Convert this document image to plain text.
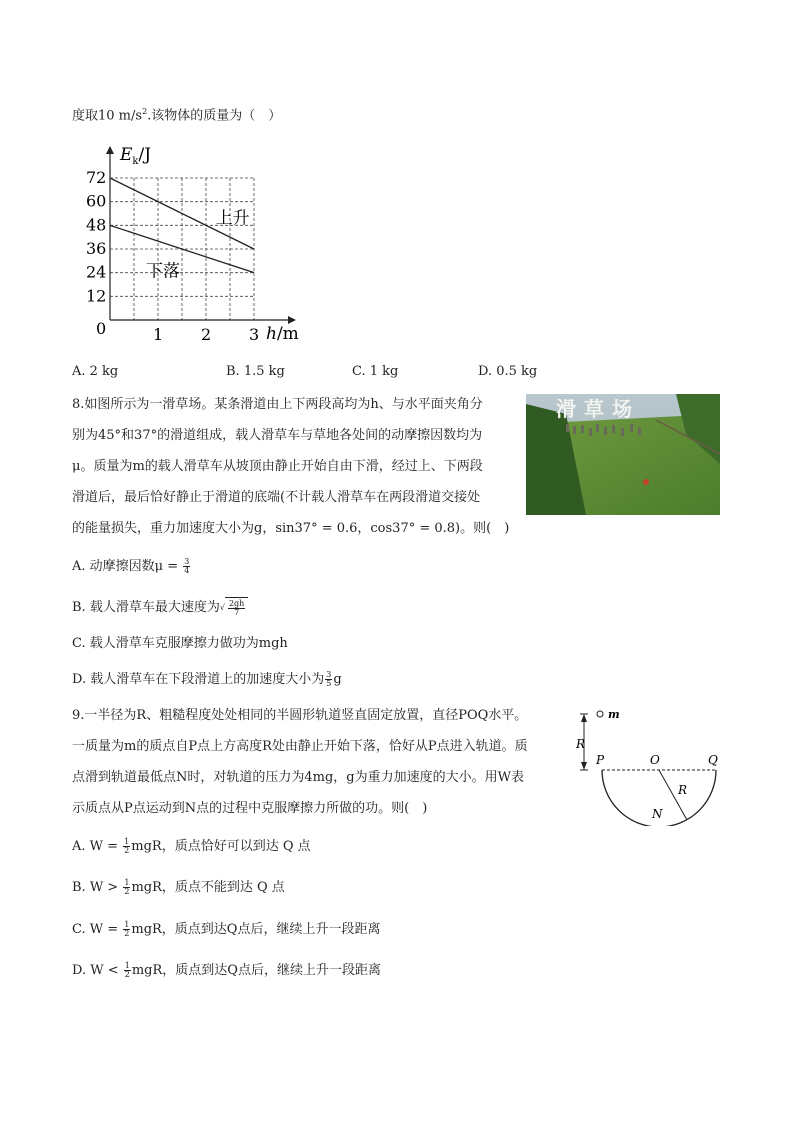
度取10 $m/s^2$.该物体的质量为（　）
1 2 3
12
24
36
48
60
72
$E_k/J$
h/m
0
上升
下落
A. 2 kg	B. 1.5 kg	C. 1 kg	D. 0.5 kg
8.如图所示为一滑草场。某条滑道由上下两段高均为h、与水平面夹角分
别为45°和37°的滑道组成，载人滑草车与草地各处间的动摩擦因数均为
μ。质量为m的载人滑草车从坡顶由静止开始自由下滑，经过上、下两段
滑道后，最后恰好静止于滑道的底端(不计载人滑草车在两段滑道交接处
的能量损失，重力加速度大小为g，sin37° = 0.6，cos37° = 0.8)。则(　)
滑草场
A. 动摩擦因数$\mu = \frac{3}{4}$
B. 载人滑草车最大速度为√ $\frac{2gh}{7}$
C. 载人滑草车克服摩擦力做功为mgh
D. 载人滑草车在下段滑道上的加速度大小为 $\frac{3}{5}$ g
9.一半径为R、粗糙程度处处相同的半圆形轨道竖直固定放置，直径POQ水平。
一质量为m的质点自P点上方高度R处由静止开始下落，恰好从P点进入轨道。质
点滑到轨道最低点N时，对轨道的压力为4mg，g为重力加速度的大小。用W表
示质点从P点运动到N点的过程中克服摩擦力所做的功。则(　)
m
R
P	O	Q
R
N
A. $W = \frac{1}{2}$ mgR，质点恰好可以到达 Q 点
B. $W > \frac{1}{2}$ mgR，质点不能到达 Q 点
C. $W = \frac{1}{2}$ mgR，质点到达Q点后，继续上升一段距离
D. $W < \frac{1}{2}$ mgR，质点到达Q点后，继续上升一段距离
